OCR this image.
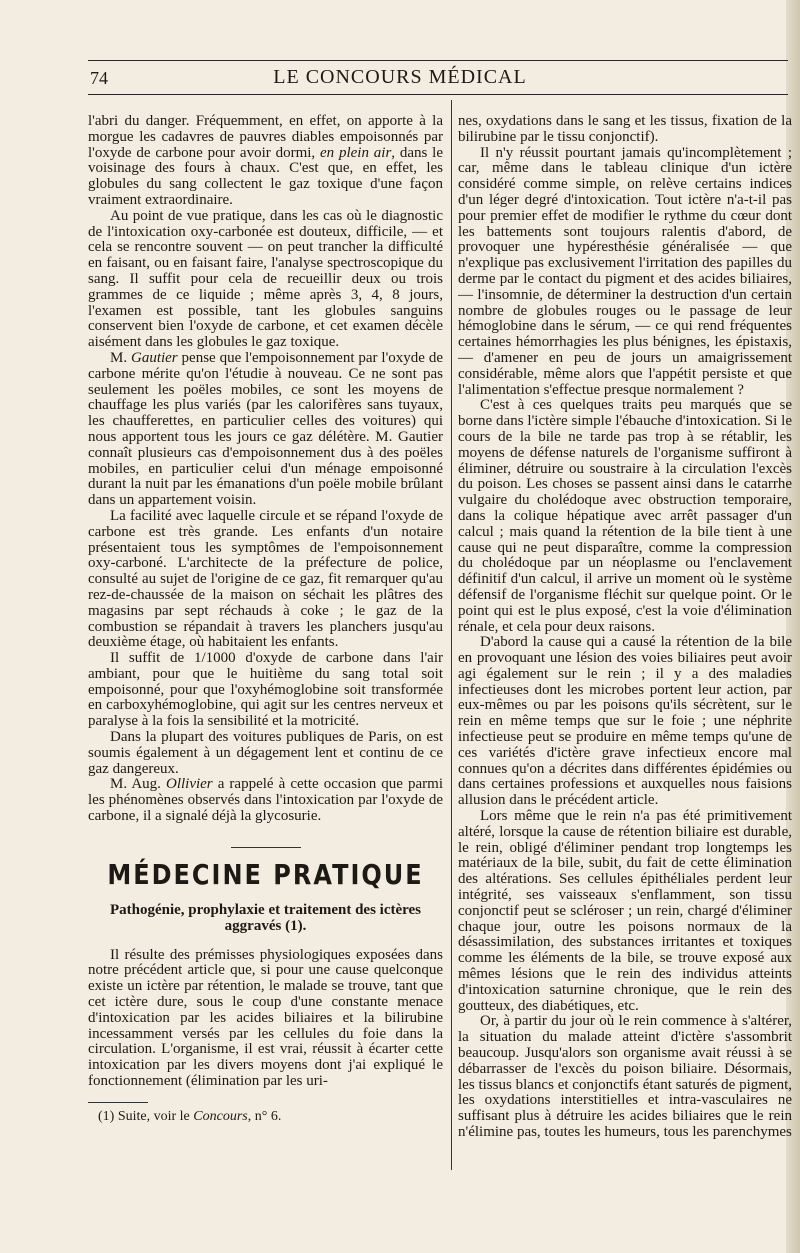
74	LE CONCOURS MÉDICAL

l'abri du danger. Fréquemment, en effet, on apporte à la morgue les cadavres de pauvres diables empoisonnés par l'oxyde de carbone pour avoir dormi, en plein air, dans le voisinage des fours à chaux. C'est que, en effet, les globules du sang collectent le gaz toxique d'une façon vraiment extraordinaire.

Au point de vue pratique, dans les cas où le diagnostic de l'intoxication oxy-carbonée est douteux, difficile, — et cela se rencontre souvent — on peut trancher la difficulté en faisant, ou en faisant faire, l'analyse spectroscopique du sang. Il suffit pour cela de recueillir deux ou trois grammes de ce liquide ; même après 3, 4, 8 jours, l'examen est possible, tant les globules sanguins conservent bien l'oxyde de carbone, et cet examen décèle aisément dans les globules le gaz toxique.

M. Gautier pense que l'empoisonnement par l'oxyde de carbone mérite qu'on l'étudie à nouveau. Ce ne sont pas seulement les poëles mobiles, ce sont les moyens de chauffage les plus variés (par les calorifères sans tuyaux, les chaufferettes, en particulier celles des voitures) qui nous apportent tous les jours ce gaz délétère. M. Gautier connaît plusieurs cas d'empoisonnement dus à des poëles mobiles, en particulier celui d'un ménage empoisonné durant la nuit par les émanations d'un poële mobile brûlant dans un appartement voisin.

La facilité avec laquelle circule et se répand l'oxyde de carbone est très grande. Les enfants d'un notaire présentaient tous les symptômes de l'empoisonnement oxy-carboné. L'architecte de la préfecture de police, consulté au sujet de l'origine de ce gaz, fit remarquer qu'au rez-de-chaussée de la maison on séchait les plâtres des magasins par sept réchauds à coke ; le gaz de la combustion se répandait à travers les planchers jusqu'au deuxième étage, où habitaient les enfants.

Il suffit de 1/1000 d'oxyde de carbone dans l'air ambiant, pour que le huitième du sang total soit empoisonné, pour que l'oxyhémoglobine soit transformée en carboxyhémoglobine, qui agit sur les centres nerveux et paralyse à la fois la sensibilité et la motricité.

Dans la plupart des voitures publiques de Paris, on est soumis également à un dégagement lent et continu de ce gaz dangereux.

M. Aug. Ollivier a rappelé à cette occasion que parmi les phénomènes observés dans l'intoxication par l'oxyde de carbone, il a signalé déjà la glycosurie.

MÉDECINE PRATIQUE
Pathogénie, prophylaxie et traitement des ictères aggravés (1).

Il résulte des prémisses physiologiques exposées dans notre précédent article que, si pour une cause quelconque existe un ictère par rétention, le malade se trouve, tant que cet ictère dure, sous le coup d'une constante menace d'intoxication par les acides biliaires et la bilirubine incessamment versés par les cellules du foie dans la circulation. L'organisme, il est vrai, réussit à écarter cette intoxication par les divers moyens dont j'ai expliqué le fonctionnement (élimination par les uri-

(1) Suite, voir le Concours, n° 6.

nes, oxydations dans le sang et les tissus, fixation de la bilirubine par le tissu conjonctif).

Il n'y réussit pourtant jamais qu'incomplètement ; car, même dans le tableau clinique d'un ictère considéré comme simple, on relève certains indices d'un léger degré d'intoxication. Tout ictère n'a-t-il pas pour premier effet de modifier le rythme du cœur dont les battements sont toujours ralentis d'abord, de provoquer une hypéresthésie généralisée — que n'explique pas exclusivement l'irritation des papilles du derme par le contact du pigment et des acides biliaires, — l'insomnie, de déterminer la destruction d'un certain nombre de globules rouges ou le passage de leur hémoglobine dans le sérum, — ce qui rend fréquentes certaines hémorrhagies les plus bénignes, les épistaxis, — d'amener en peu de jours un amaigrissement considérable, même alors que l'appétit persiste et que l'alimentation s'effectue presque normalement ?

C'est à ces quelques traits peu marqués que se borne dans l'ictère simple l'ébauche d'intoxication. Si le cours de la bile ne tarde pas trop à se rétablir, les moyens de défense naturels de l'organisme suffiront à éliminer, détruire ou soustraire à la circulation l'excès du poison. Les choses se passent ainsi dans le catarrhe vulgaire du cholédoque avec obstruction temporaire, dans la colique hépatique avec arrêt passager d'un calcul ; mais quand la rétention de la bile tient à une cause qui ne peut disparaître, comme la compression du cholédoque par un néoplasme ou l'enclavement définitif d'un calcul, il arrive un moment où le système défensif de l'organisme fléchit sur quelque point. Or le point qui est le plus exposé, c'est la voie d'élimination rénale, et cela pour deux raisons.

D'abord la cause qui a causé la rétention de la bile en provoquant une lésion des voies biliaires peut avoir agi également sur le rein ; il y a des maladies infectieuses dont les microbes portent leur action, par eux-mêmes ou par les poisons qu'ils sécrètent, sur le rein en même temps que sur le foie ; une néphrite infectieuse peut se produire en même temps qu'une de ces variétés d'ictère grave infectieux encore mal connues qu'on a décrites dans différentes épidémies ou dans certaines professions et auxquelles nous faisions allusion dans le précédent article.

Lors même que le rein n'a pas été primitivement altéré, lorsque la cause de rétention biliaire est durable, le rein, obligé d'éliminer pendant trop longtemps les matériaux de la bile, subit, du fait de cette élimination des altérations. Ses cellules épithéliales perdent leur intégrité, ses vaisseaux s'enflamment, son tissu conjonctif peut se scléroser ; un rein, chargé d'éliminer chaque jour, outre les poisons normaux de la désassimilation, des substances irritantes et toxiques comme les éléments de la bile, se trouve exposé aux mêmes lésions que le rein des individus atteints d'intoxication saturnine chronique, que le rein des goutteux, des diabétiques, etc.

Or, à partir du jour où le rein commence à s'altérer, la situation du malade atteint d'ictère s'assombrit beaucoup. Jusqu'alors son organisme avait réussi à se débarrasser de l'excès du poison biliaire. Désormais, les tissus blancs et conjonctifs étant saturés de pigment, les oxydations interstitielles et intra-vasculaires ne suffisant plus à détruire les acides biliaires que le rein n'élimine pas, toutes les humeurs, tous les parenchymes
